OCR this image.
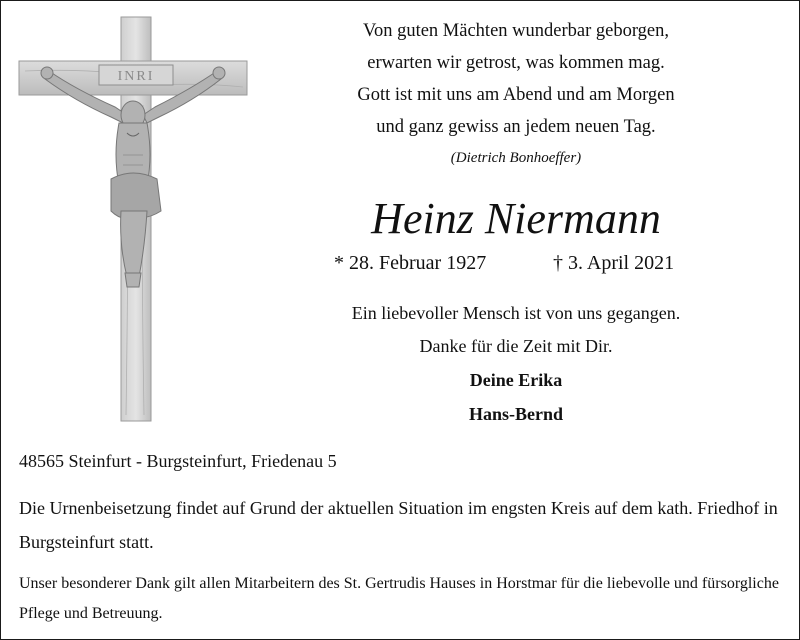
INRI
Von guten Mächten wunderbar geborgen,
erwarten wir getrost, was kommen mag.
Gott ist mit uns am Abend und am Morgen
und ganz gewiss an jedem neuen Tag.
(Dietrich Bonhoeffer)
Heinz Niermann
* 28. Februar 1927	† 3. April 2021
Ein liebevoller Mensch ist von uns gegangen.
Danke für die Zeit mit Dir.
Deine Erika
Hans-Bernd
48565 Steinfurt - Burgsteinfurt, Friedenau 5
Die Urnenbeisetzung findet auf Grund der aktuellen Situation im engsten Kreis auf dem kath. Friedhof in Burgsteinfurt statt.
Unser besonderer Dank gilt allen Mitarbeitern des St. Gertrudis Hauses in Horstmar für die liebevolle und fürsorgliche Pflege und Betreuung.
